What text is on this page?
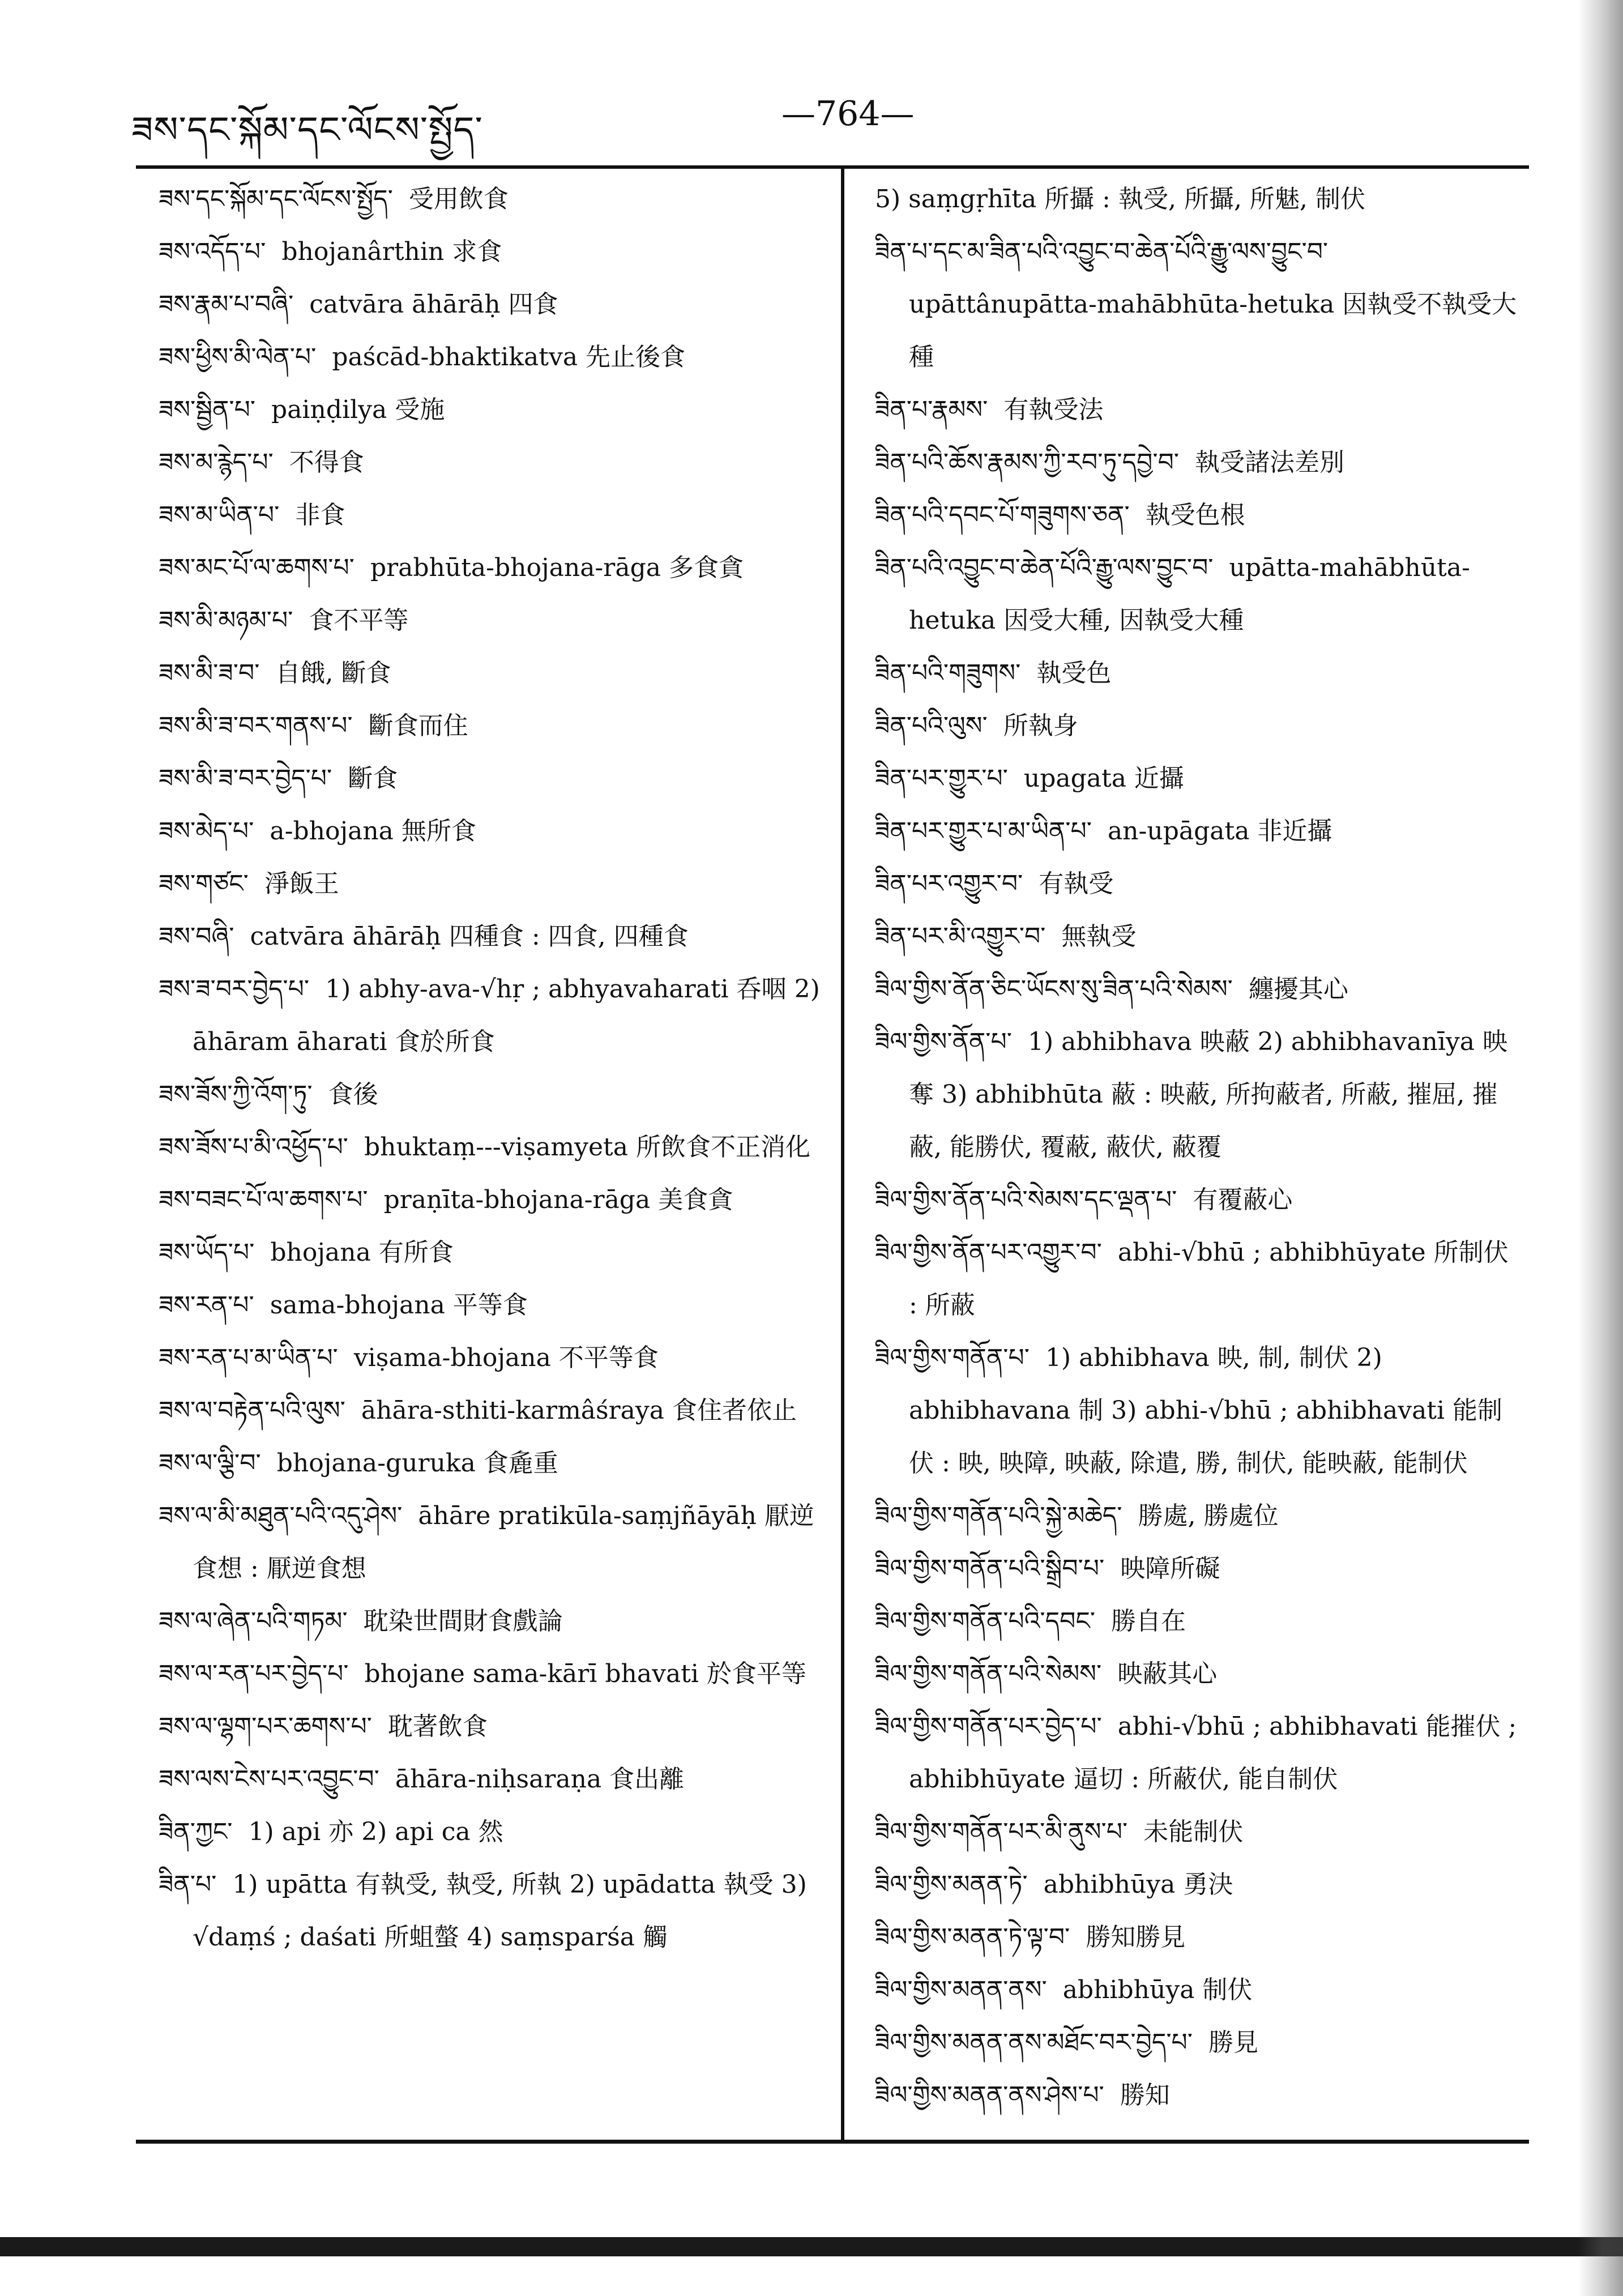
ཟས་དང་སྐོམ་དང་ལོངས་སྤྱོད་	—764—
ཟས་དང་སྐོམ་དང་ལོངས་སྤྱོད་ 受用飲食
ཟས་འདོད་པ་ bhojanârthin 求食
ཟས་རྣམ་པ་བཞི་ catvāra āhārāḥ 四食
ཟས་ཕྱིས་མི་ལེན་པ་ paścād-bhaktikatva 先止後食
ཟས་སྦྱིན་པ་ paiṇḍilya 受施
ཟས་མ་རྙེད་པ་ 不得食
ཟས་མ་ཡིན་པ་ 非食
ཟས་མང་པོ་ལ་ཆགས་པ་ prabhūta-bhojana-rāga 多食貪
ཟས་མི་མཉམ་པ་ 食不平等
ཟས་མི་ཟ་བ་ 自餓, 斷食
ཟས་མི་ཟ་བར་གནས་པ་ 斷食而住
ཟས་མི་ཟ་བར་བྱེད་པ་ 斷食
ཟས་མེད་པ་ a-bhojana 無所食
ཟས་གཙང་ 淨飯王
ཟས་བཞི་ catvāra āhārāḥ 四種食 : 四食, 四種食
ཟས་ཟ་བར་བྱེད་པ་ 1) abhy-ava-√hṛ ; abhyavaharati 呑咽 2) āhāram āharati 食於所食
ཟས་ཟོས་ཀྱི་འོག་ཏུ་ 食後
ཟས་ཟོས་པ་མི་འཕྱོད་པ་ bhuktaṃ---viṣamyeta 所飲食不正消化
ཟས་བཟང་པོ་ལ་ཆགས་པ་ praṇīta-bhojana-rāga 美食貪
ཟས་ཡོད་པ་ bhojana 有所食
ཟས་རན་པ་ sama-bhojana 平等食
ཟས་རན་པ་མ་ཡིན་པ་ viṣama-bhojana 不平等食
ཟས་ལ་བརྟེན་པའི་ལུས་ āhāra-sthiti-karmâśraya 食住者依止
ཟས་ལ་ལྕི་བ་ bhojana-guruka 食麁重
ཟས་ལ་མི་མཐུན་པའི་འདུ་ཤེས་ āhāre pratikūla-saṃjñāyāḥ 厭逆食想 : 厭逆食想
ཟས་ལ་ཞེན་པའི་གཏམ་ 耽染世間財食戲論
ཟས་ལ་རན་པར་བྱེད་པ་ bhojane sama-kārī bhavati 於食平等
ཟས་ལ་ལྷག་པར་ཆགས་པ་ 耽著飲食
ཟས་ལས་ངེས་པར་འབྱུང་བ་ āhāra-niḥsaraṇa 食出離
ཟིན་ཀྱང་ 1) api 亦 2) api ca 然
ཟིན་པ་ 1) upātta 有執受, 執受, 所執 2) upādatta 執受 3) √daṃś ; daśati 所蛆螫 4) saṃsparśa 觸
5) saṃgṛhīta 所攝 : 執受, 所攝, 所魅, 制伏
ཟིན་པ་དང་མ་ཟིན་པའི་འབྱུང་བ་ཆེན་པོའི་རྒྱུ་ལས་བྱུང་བ་upāttânupātta-mahābhūta-hetuka 因執受不執受大種
ཟིན་པ་རྣམས་ 有執受法
ཟིན་པའི་ཆོས་རྣམས་ཀྱི་རབ་ཏུ་དབྱེ་བ་ 執受諸法差別
ཟིན་པའི་དབང་པོ་གཟུགས་ཅན་ 執受色根
ཟིན་པའི་འབྱུང་བ་ཆེན་པོའི་རྒྱུ་ལས་བྱུང་བ་ upātta-mahābhūta-hetuka 因受大種, 因執受大種
ཟིན་པའི་གཟུགས་ 執受色
ཟིན་པའི་ལུས་ 所執身
ཟིན་པར་གྱུར་པ་ upagata 近攝
ཟིན་པར་གྱུར་པ་མ་ཡིན་པ་ an-upāgata 非近攝
ཟིན་པར་འགྱུར་བ་ 有執受
ཟིན་པར་མི་འགྱུར་བ་ 無執受
ཟིལ་གྱིས་ནོན་ཅིང་ཡོངས་སུ་ཟིན་པའི་སེམས་ 纏擾其心
ཟིལ་གྱིས་ནོན་པ་ 1) abhibhava 映蔽 2) abhibhavanīya 映奪 3) abhibhūta 蔽 : 映蔽, 所拘蔽者, 所蔽, 摧屈, 摧蔽, 能勝伏, 覆蔽, 蔽伏, 蔽覆
ཟིལ་གྱིས་ནོན་པའི་སེམས་དང་ལྡན་པ་ 有覆蔽心
ཟིལ་གྱིས་ནོན་པར་འགྱུར་བ་ abhi-√bhū ; abhibhūyate 所制伏 : 所蔽
ཟིལ་གྱིས་གནོན་པ་ 1) abhibhava 映, 制, 制伏 2) abhibhavana 制 3) abhi-√bhū ; abhibhavati 能制伏 : 映, 映障, 映蔽, 除遣, 勝, 制伏, 能映蔽, 能制伏
ཟིལ་གྱིས་གནོན་པའི་སྐྱེ་མཆེད་ 勝處, 勝處位
ཟིལ་གྱིས་གནོན་པའི་སྒྲིབ་པ་ 映障所礙
ཟིལ་གྱིས་གནོན་པའི་དབང་ 勝自在
ཟིལ་གྱིས་གནོན་པའི་སེམས་ 映蔽其心
ཟིལ་གྱིས་གནོན་པར་བྱེད་པ་ abhi-√bhū ; abhibhavati 能摧伏 ; abhibhūyate 逼切 : 所蔽伏, 能自制伏
ཟིལ་གྱིས་གནོན་པར་མི་ནུས་པ་ 未能制伏
ཟིལ་གྱིས་མནན་ཏེ་ abhibhūya 勇決
ཟིལ་གྱིས་མནན་ཏེ་ལྟ་བ་ 勝知勝見
ཟིལ་གྱིས་མནན་ནས་ abhibhūya 制伏
ཟིལ་གྱིས་མནན་ནས་མཐོང་བར་བྱེད་པ་ 勝見
ཟིལ་གྱིས་མནན་ནས་ཤེས་པ་ 勝知
